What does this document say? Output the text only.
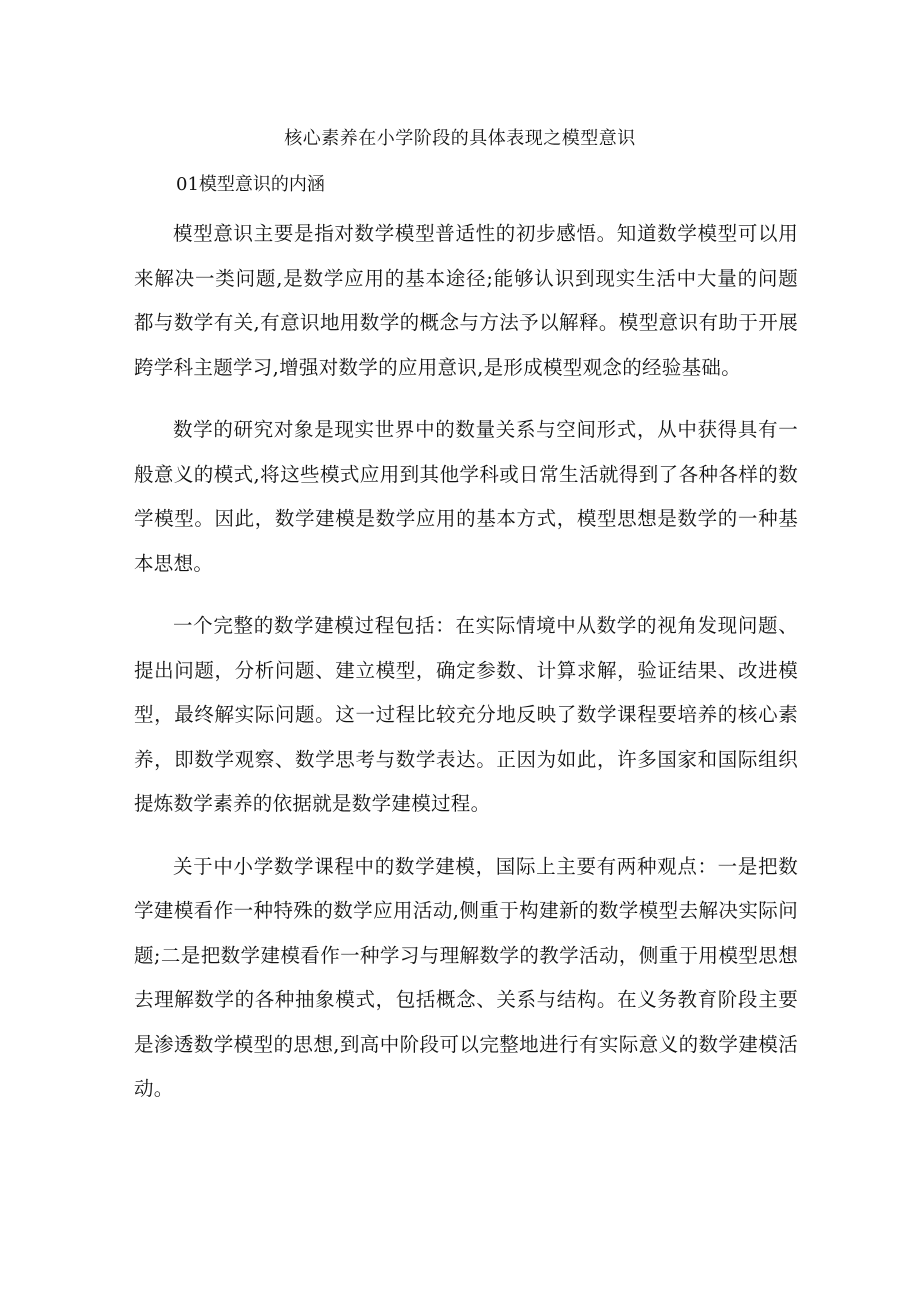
核心素养在小学阶段的具体表现之模型意识
01模型意识的内涵

模型意识主要是指对数学模型普适性的初步感悟。知道数学模型可以用来解决一类问题,是数学应用的基本途径;能够认识到现实生活中大量的问题都与数学有关,有意识地用数学的概念与方法予以解释。模型意识有助于开展跨学科主题学习,增强对数学的应用意识,是形成模型观念的经验基础。

数学的研究对象是现实世界中的数量关系与空间形式，从中获得具有一般意义的模式,将这些模式应用到其他学科或日常生活就得到了各种各样的数学模型。因此，数学建模是数学应用的基本方式，模型思想是数学的一种基本思想。

一个完整的数学建模过程包括：在实际情境中从数学的视角发现问题、提出问题，分析问题、建立模型，确定参数、计算求解，验证结果、改进模型，最终解实际问题。这一过程比较充分地反映了数学课程要培养的核心素养，即数学观察、数学思考与数学表达。正因为如此，许多国家和国际组织提炼数学素养的依据就是数学建模过程。

关于中小学数学课程中的数学建模，国际上主要有两种观点：一是把数学建模看作一种特殊的数学应用活动,侧重于构建新的数学模型去解决实际问题;二是把数学建模看作一种学习与理解数学的教学活动，侧重于用模型思想去理解数学的各种抽象模式，包括概念、关系与结构。在义务教育阶段主要是渗透数学模型的思想,到高中阶段可以完整地进行有实际意义的数学建模活动。
